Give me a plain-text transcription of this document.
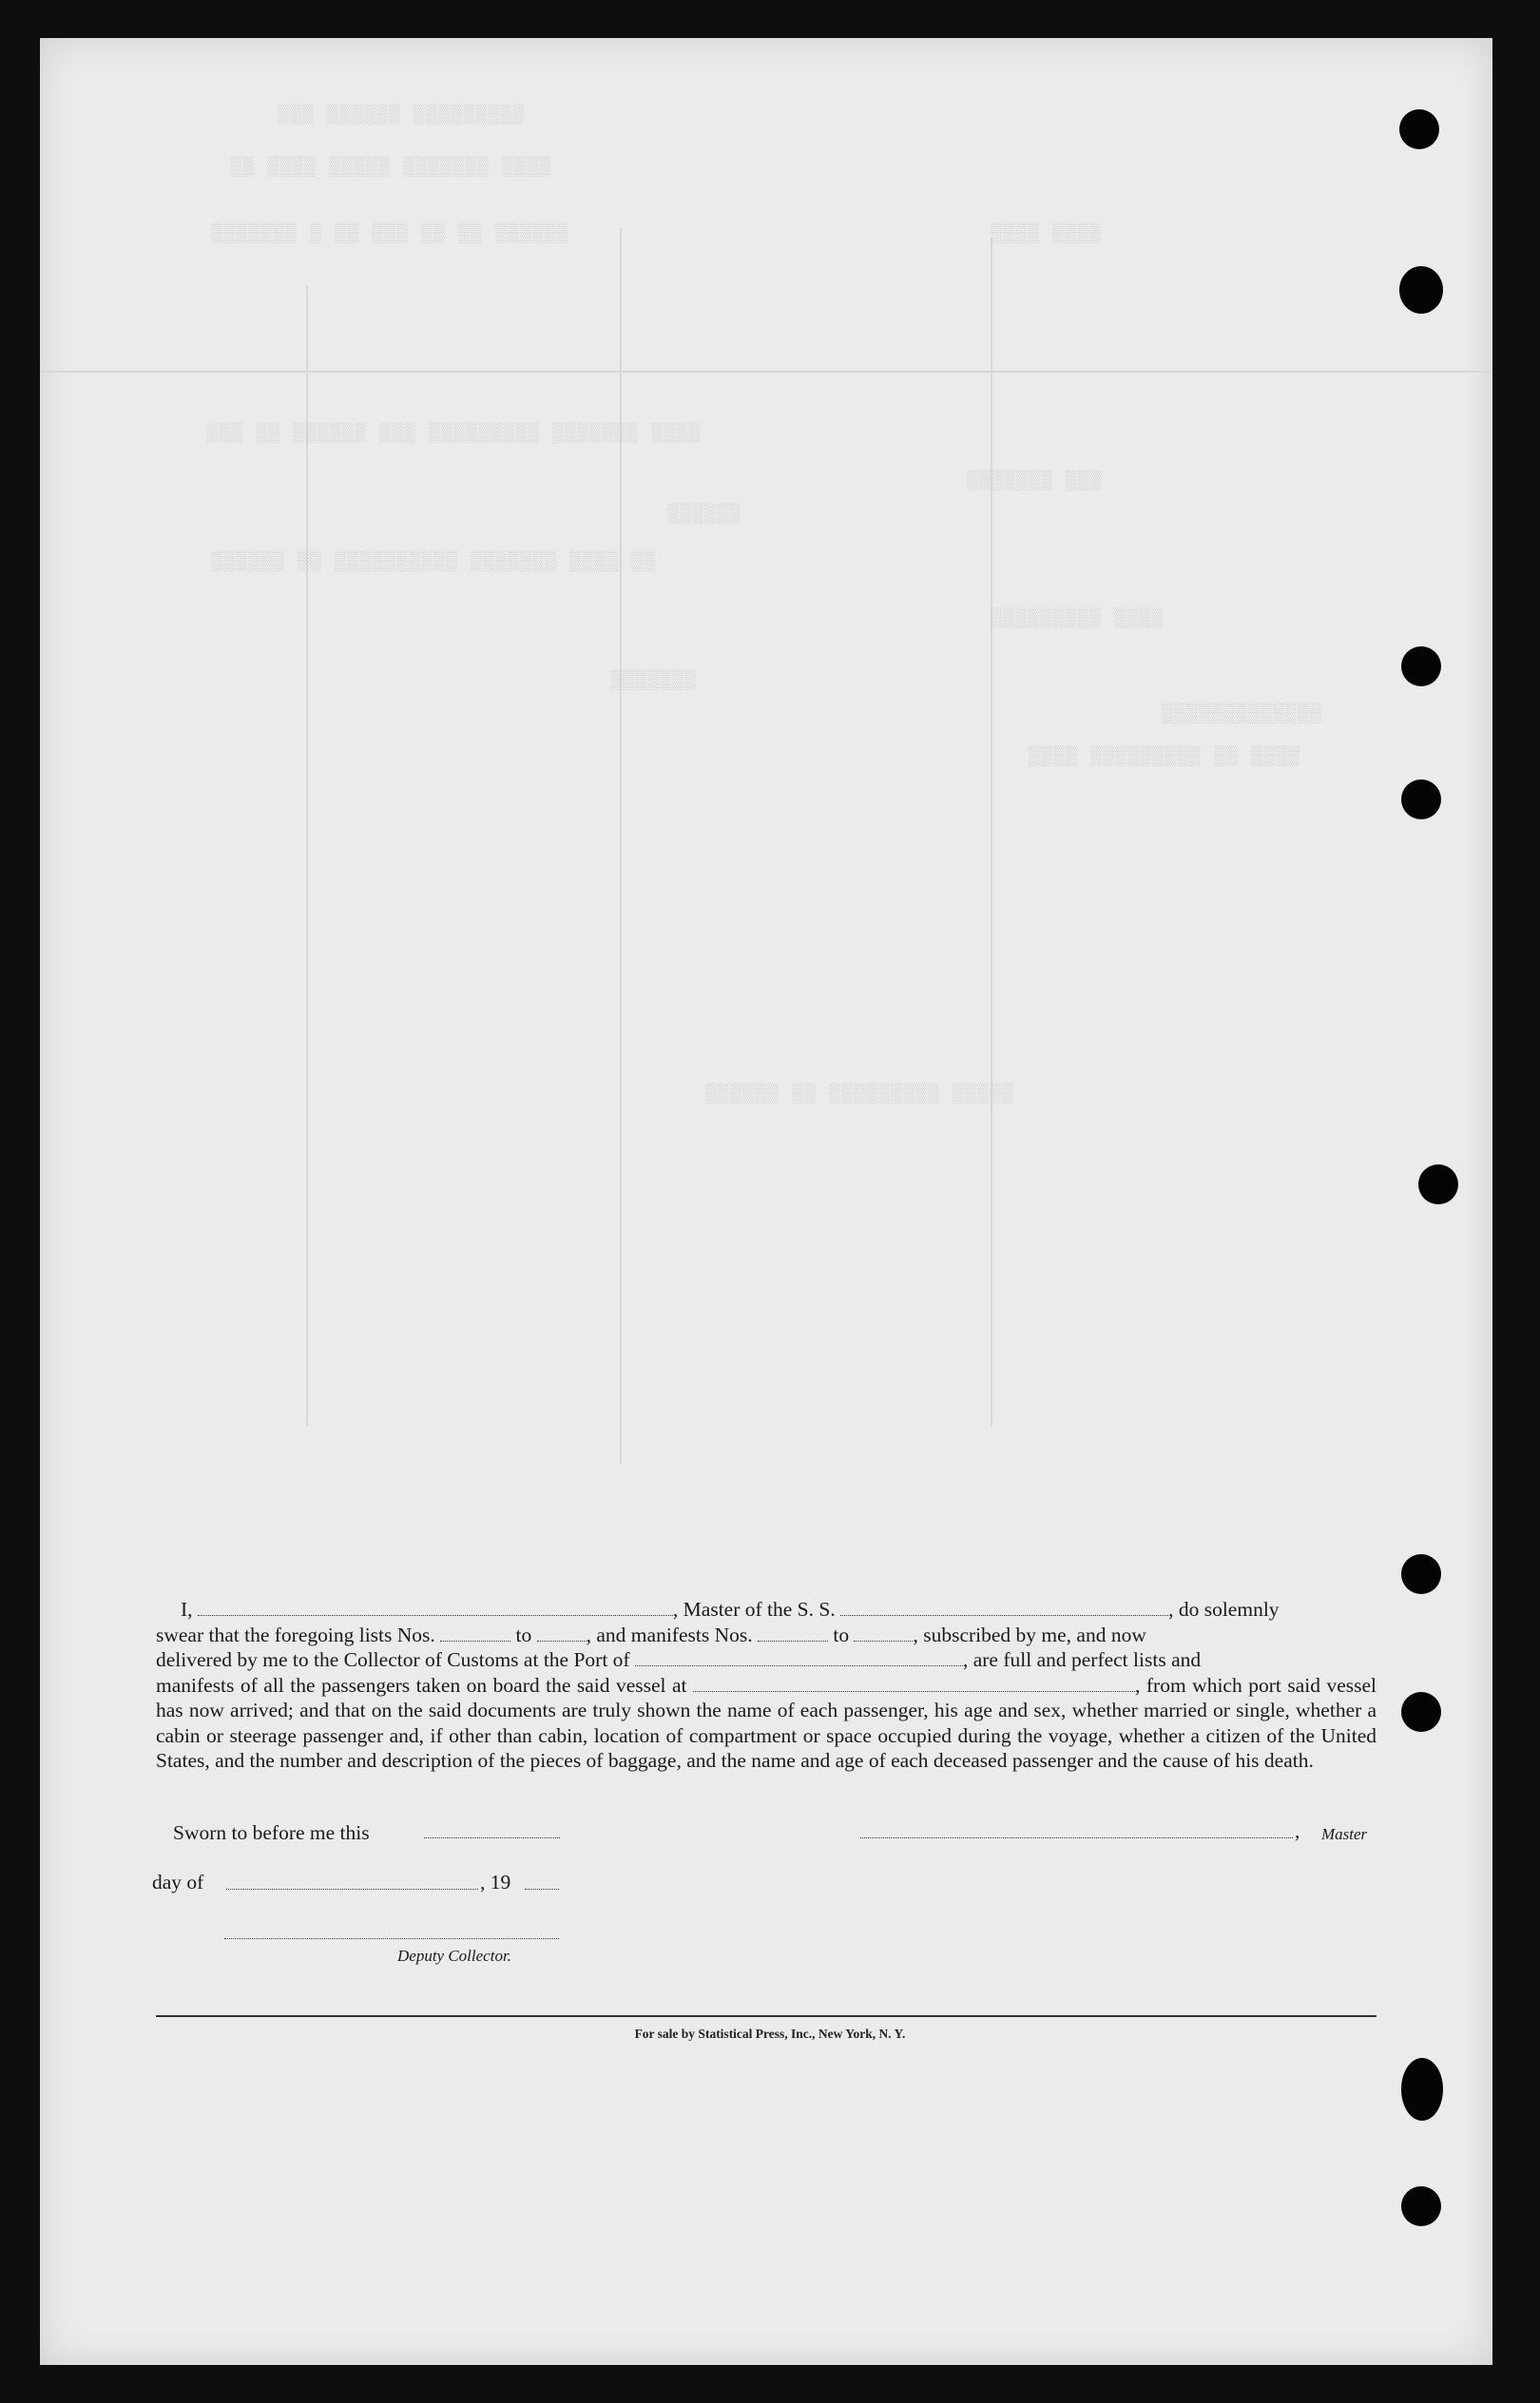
▒▒▒ ▒▒▒▒▒▒ ▒▒▒▒▒▒▒▒▒
▒▒ ▒▒▒▒ ▒▒▒▒▒ ▒▒▒▒▒▒▒ ▒▒▒▒
▒▒▒▒▒▒▒ ▒ ▒▒ ▒▒▒ ▒▒ ▒▒ ▒▒▒▒▒▒	▒▒▒▒ ▒▒▒▒
▒▒▒ ▒▒ ▒▒▒▒▒▒ ▒▒▒ ▒▒▒▒▒▒▒▒▒ ▒▒▒▒▒▒▒ ▒▒▒▒
▒▒▒▒▒▒▒ ▒▒▒
▒▒▒▒▒▒
▒▒▒▒▒▒ ▒▒ ▒▒▒▒▒▒▒▒▒▒ ▒▒▒▒▒▒▒ ▒▒▒▒ ▒▒
▒▒▒▒▒▒▒▒▒ ▒▒▒▒
▒▒▒▒▒▒▒
▒▒▒▒▒▒▒▒▒▒▒▒▒
▒▒▒▒ ▒▒▒▒▒▒▒▒▒ ▒▒ ▒▒▒▒
▒▒▒▒▒▒ ▒▒ ▒▒▒▒▒▒▒▒▒ ▒▒▒▒▒
I,	, Master of the S. S.	, do solemnly
swear that the foregoing lists Nos.	to	, and manifests Nos.	to	, subscribed by me, and now
delivered by me to the Collector of Customs at the Port of	, are full and perfect lists and
manifests of all the passengers taken on board the said vessel at	, from which port said vessel has now arrived; and that on the said documents are truly shown the name of each passenger, his age and sex, whether married or single, whether a cabin or steerage passenger and, if other than cabin, location of compartment or space occupied during the voyage, whether a citizen of the United States, and the number and description of the pieces of baggage, and the name and age of each deceased passenger and the cause of his death.
Sworn to before me this	, Master
day of	, 19
Deputy Collector.
For sale by Statistical Press, Inc., New York, N. Y.
